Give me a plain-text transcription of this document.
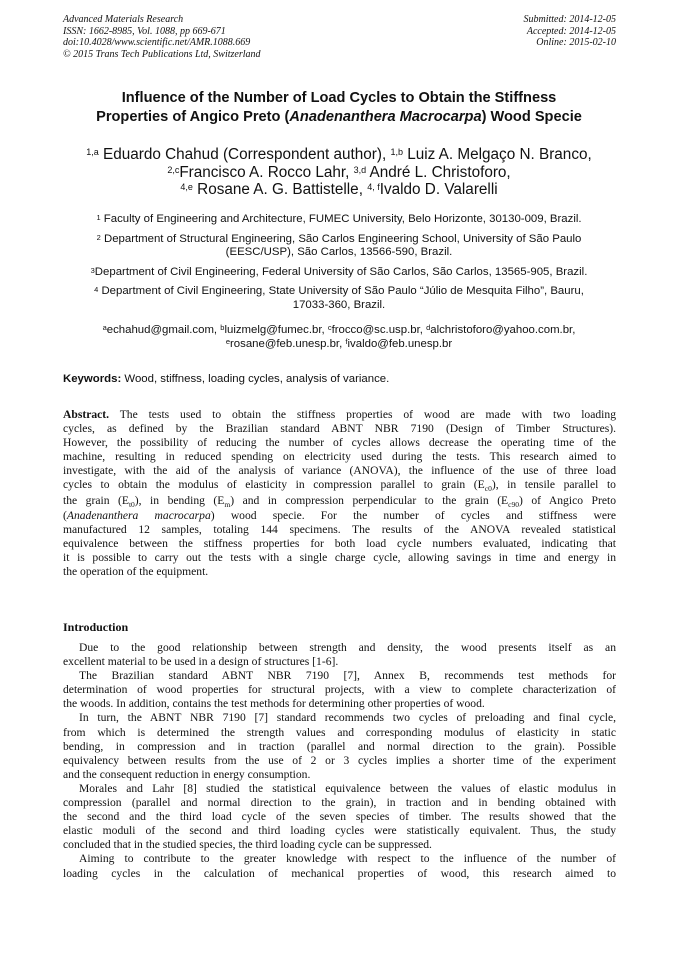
Advanced Materials Research
ISSN: 1662-8985, Vol. 1088, pp 669-671
doi:10.4028/www.scientific.net/AMR.1088.669
© 2015 Trans Tech Publications Ltd, Switzerland
Submitted: 2014-12-05
Accepted: 2014-12-05
Online: 2015-02-10
Influence of the Number of Load Cycles to Obtain the Stiffness
Properties of Angico Preto (Anadenanthera Macrocarpa) Wood Specie
$^{1,a}$ Eduardo Chahud (Correspondent author), $^{1,b}$ Luiz A. Melgaço N. Branco,
$^{2,c}$Francisco A. Rocco Lahr, $^{3,d}$ André L. Christoforo,
$^{4,e}$ Rosane A. G. Battistelle, $^{4, f}$Ivaldo D. Valarelli
$^1$ Faculty of Engineering and Architecture, FUMEC University, Belo Horizonte, 30130-009, Brazil.
$^2$ Department of Structural Engineering, São Carlos Engineering School, University of São Paulo
(EESC/USP), São Carlos, 13566-590, Brazil.
$^3$Department of Civil Engineering, Federal University of São Carlos, São Carlos, 13565-905, Brazil.
$^4$ Department of Civil Engineering, State University of São Paulo “Júlio de Mesquita Filho”, Bauru,
17033-360, Brazil.
$^a$echahud@gmail.com, $^b$luizmelg@fumec.br, $^c$frocco@sc.usp.br, $^d$alchristoforo@yahoo.com.br,
$^e$rosane@feb.unesp.br, $^f$ivaldo@feb.unesp.br
Keywords: Wood, stiffness, loading cycles, analysis of variance.
Abstract. The tests used to obtain the stiffness properties of wood are made with two loading
cycles, as defined by the Brazilian standard ABNT NBR 7190 (Design of Timber Structures).
However, the possibility of reducing the number of cycles allows decrease the operating time of the
machine, resulting in reduced spending on electricity used during the tests. This research aimed to
investigate, with the aid of the analysis of variance (ANOVA), the influence of the use of three load
cycles to obtain the modulus of elasticity in compression parallel to grain $(E_{c0})$, in tensile parallel to
the grain $(E_{t0})$, in bending $(E_m)$ and in compression perpendicular to the grain $(E_{c90})$ of Angico Preto
(Anadenanthera macrocarpa) wood specie. For the number of cycles and stiffness were
manufactured 12 samples, totaling 144 specimens. The results of the ANOVA revealed statistical
equivalence between the stiffness properties for both load cycle numbers evaluated, indicating that
it is possible to carry out the tests with a single charge cycle, allowing savings in time and energy in
the operation of the equipment.
Introduction
Due to the good relationship between strength and density, the wood presents itself as an
excellent material to be used in a design of structures [1-6].
The Brazilian standard ABNT NBR 7190 [7], Annex B, recommends test methods for
determination of wood properties for structural projects, with a view to complete characterization of
the woods. In addition, contains the test methods for determining other properties of wood.
In turn, the ABNT NBR 7190 [7] standard recommends two cycles of preloading and final cycle,
from which is determined the strength values and corresponding modulus of elasticity in static
bending, in compression and in traction (parallel and normal direction to the grain). Possible
equivalency between results from the use of 2 or 3 cycles implies a shorter time of the experiment
and the consequent reduction in energy consumption.
Morales and Lahr [8] studied the statistical equivalence between the values of elastic modulus in
compression (parallel and normal direction to the grain), in traction and in bending obtained with
the second and the third load cycle of the seven species of timber. The results showed that the
elastic moduli of the second and third loading cycles were statistically equivalent. Thus, the study
concluded that in the studied species, the third loading cycle can be suppressed.
Aiming to contribute to the greater knowledge with respect to the influence of the number of
loading cycles in the calculation of mechanical properties of wood, this research aimed to
